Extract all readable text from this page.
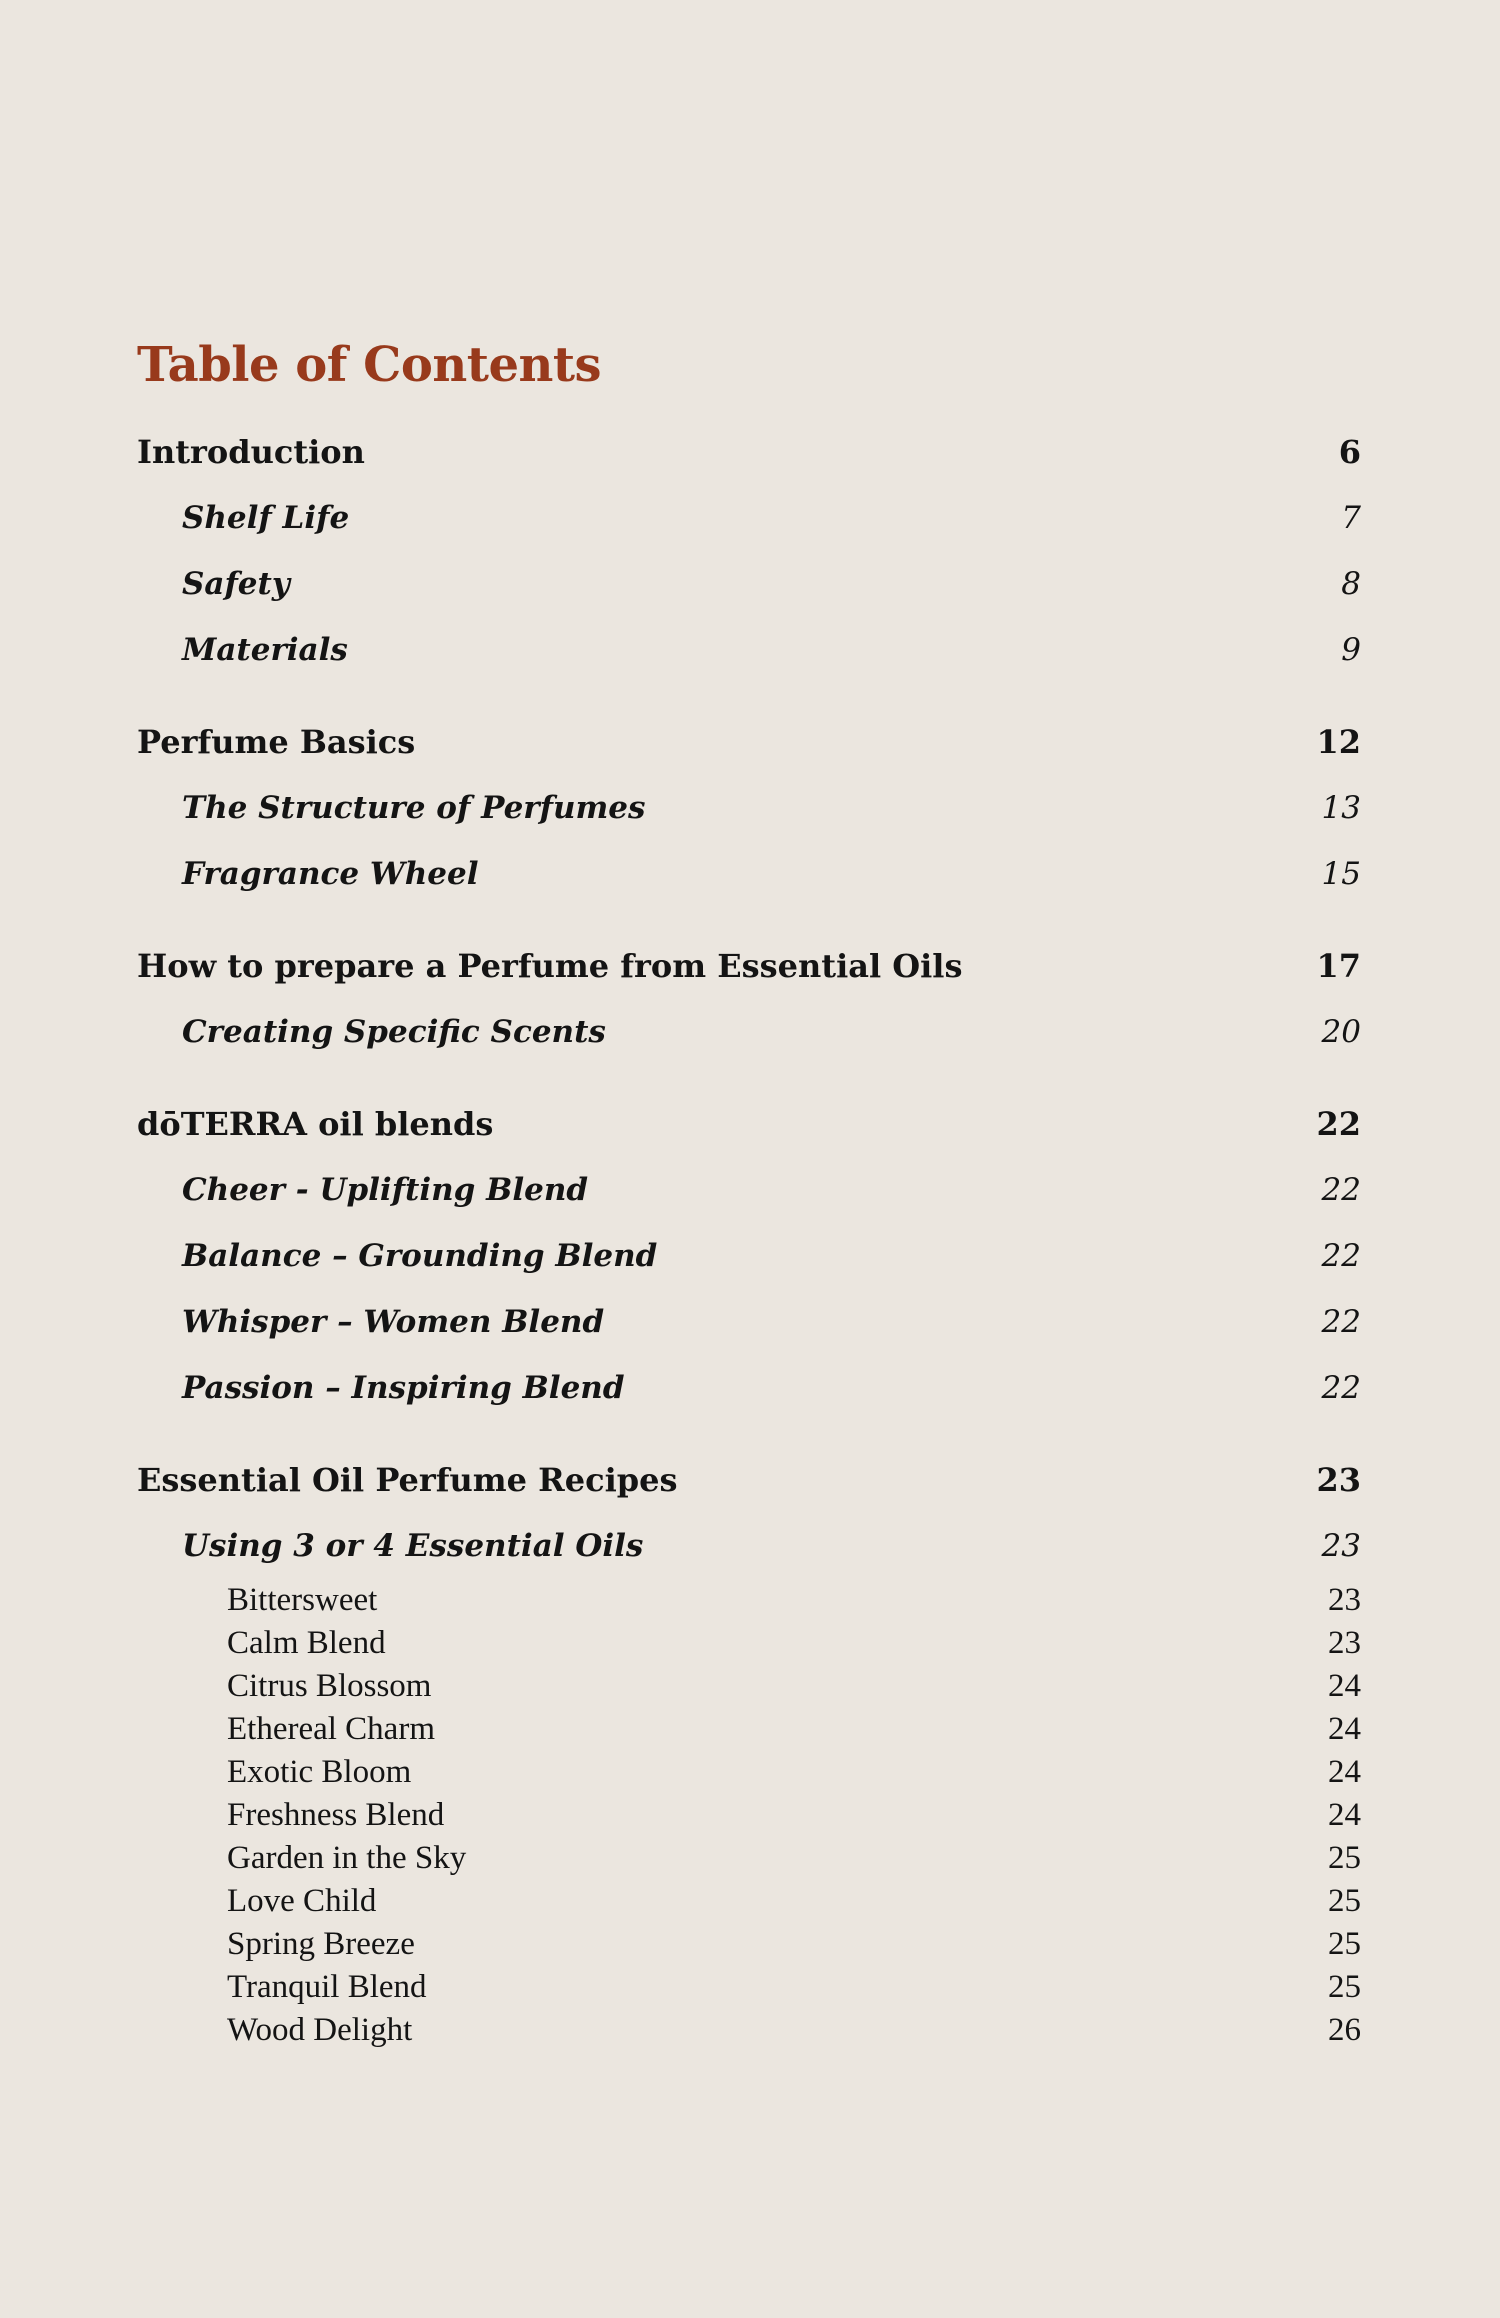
Table of Contents
Introduction	6
Shelf Life	7
Safety	8
Materials	9
Perfume Basics	12
The Structure of Perfumes	13
Fragrance Wheel	15
How to prepare a Perfume from Essential Oils	17
Creating Specific Scents	20
dōTERRA oil blends	22
Cheer - Uplifting Blend	22
Balance – Grounding Blend	22
Whisper – Women Blend	22
Passion – Inspiring Blend	22
Essential Oil Perfume Recipes	23
Using 3 or 4 Essential Oils	23
Bittersweet	23
Calm Blend	23
Citrus Blossom	24
Ethereal Charm	24
Exotic Bloom	24
Freshness Blend	24
Garden in the Sky	25
Love Child	25
Spring Breeze	25
Tranquil Blend	25
Wood Delight	26
